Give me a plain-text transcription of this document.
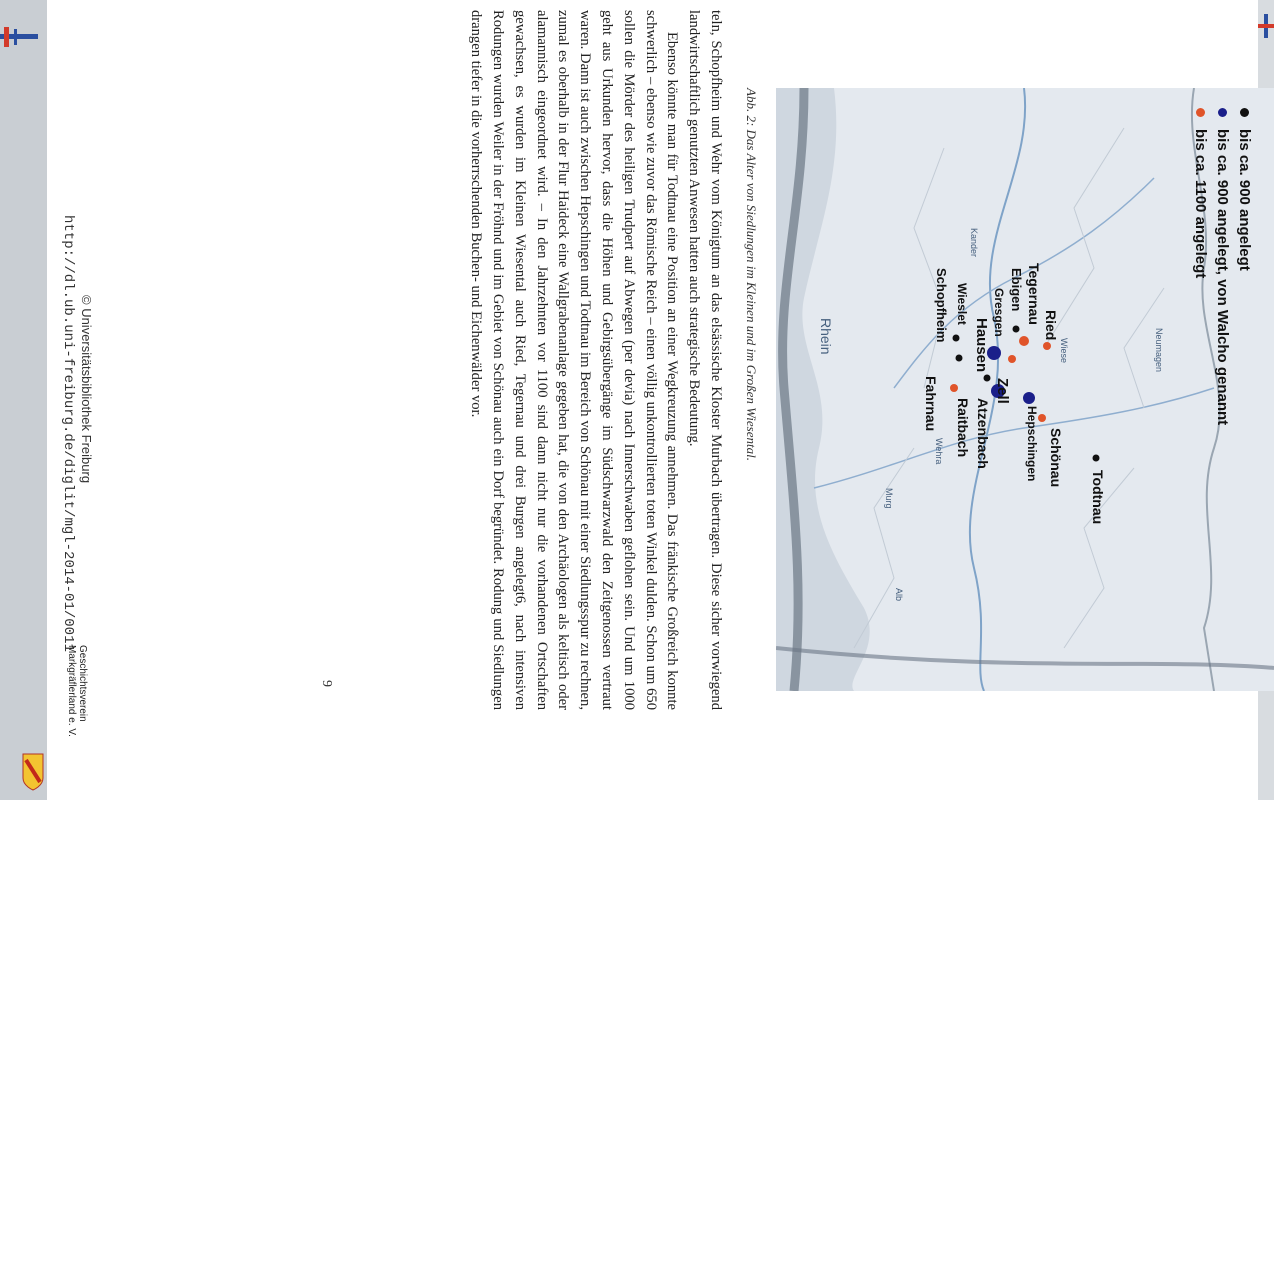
bis ca. 900 angelegt
bis ca. 900 angelegt, von Walcho genannt
bis ca. 1100 angelegt
Ried
Tegernau
Ebigen
Gresgen
Hausen
Zell
Wieslet
Schopfheim
Fahrnau Raitbach Atzenbach	Hepschingen Schönau
Todtnau
Wiese
Wehra
Murg
Alb
Rhein
Kander
Neumagen
Abb. 2: Das Alter von Siedlungen im Kleinen und im Großen Wiesental.

teln, Schopfheim und Wehr vom Königtum an das elsässische Kloster Murbach übertragen. Diese sicher vorwiegend landwirtschaftlich genutzten Anwesen hatten auch strategische Bedeutung.

Ebenso könnte man für Todtnau eine Position an einer Wegkreuzung annehmen. Das fränkische Großreich konnte schwerlich – ebenso wie zuvor das Römische Reich – einen völlig unkontrollierten toten Winkel dulden. Schon um 650 sollen die Mörder des heiligen Trudpert auf Abwegen (per devia) nach Innerschwaben geflohen sein. Und um 1000 geht aus Urkunden hervor, dass die Höhen und Gebirgsübergänge im Südschwarzwald den Zeitgenossen vertraut waren. Dann ist auch zwischen Hepschingen und Todtnau im Bereich von Schönau mit einer Siedlungsspur zu rechnen, zumal es oberhalb in der Flur Haideck eine Wallgrabenanlage gegeben hat, die von den Archäologen als keltisch oder alamannisch eingeordnet wird. – In den Jahrzehnten vor 1100 sind dann nicht nur die vorhandenen Ortschaften gewachsen, es wurden im Kleinen Wiesental auch Ried, Tegernau und drei Burgen angelegt6, nach intensiven Rodungen wurden Weiler in der Fröhnd und im Gebiet von Schönau auch ein Dorf begründet. Rodung und Siedlungen drangen tiefer in die vorherrschenden Buchen- und Eichenwälder vor.

9
http://dl.ub.uni-freiburg.de/diglit/mgl-2014-01/0011 © Universitätsbibliothek Freiburg
Geschichtsverein
Markgräflerland e. V.
